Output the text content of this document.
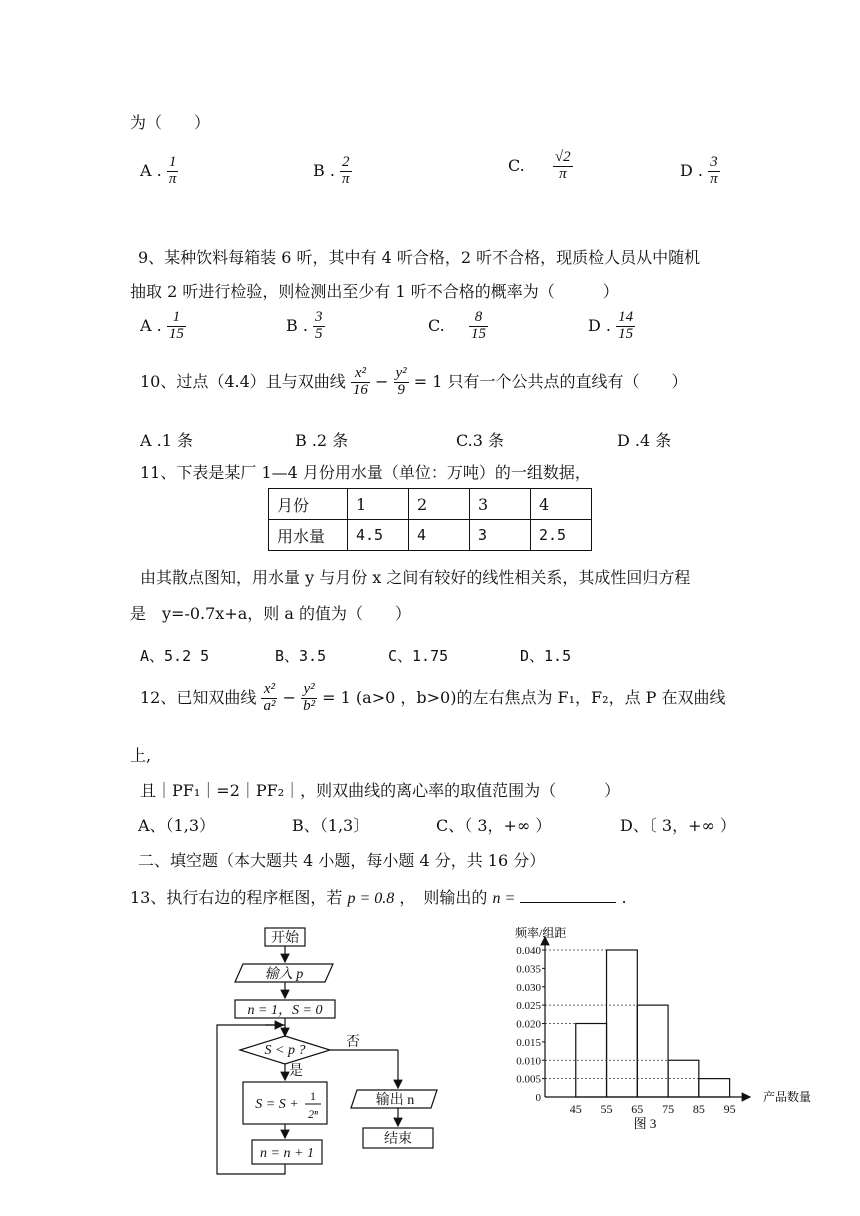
为（　　）
A . $\frac{1}{\pi}$	B . $\frac{2}{\pi}$	C. $\frac{√2}{\pi}$	D . $\frac{3}{\pi}$
9、某种饮料每箱装 6 听，其中有 4 听合格，2 听不合格，现质检人员从中随机
抽取 2 听进行检验，则检测出至少有 1 听不合格的概率为（　　　）
A . $\frac{1}{15}$	B . $\frac{3}{5}$	C. $\frac{8}{15}$	D . $\frac{14}{15}$
10、过点（4.4）且与双曲线 $\frac{\text{x²}}{16} - \frac{\text{y²}}{9} = 1$ 只有一个公共点的直线有（　　）
A .1 条	B .2 条	C.3 条	D .4 条
11、下表是某厂 1—4 月份用水量（单位：万吨）的一组数据，
月份	1	2	3	4
用水量	4.5	4	3	2.5
由其散点图知，用水量 y 与月份 x 之间有较好的线性相关系，其成性回归方程
是　y=-0.7x+a，则 a 的值为（　　）
A、5.2 5	B、3.5	C、1.75	D、1.5
12、已知双曲线 $\frac{\text{x²}}{\text{a²}} - \frac{\text{y²}}{\text{b²}} = 1$ (a>0 ，b>0)的左右焦点为 F₁，F₂，点 P 在双曲线
上,
且｜PF₁｜=2｜PF₂｜，则双曲线的离心率的取值范围为（　　　）
A、（1,3）	B、（1,3〕	C、（ 3，+∞ ）	D、〔 3，+∞ ）
二、填空题（本大题共 4 小题，每小题 4 分，共 16 分）
13、执行右边的程序框图，若 p = 0.8 ，　则输出的 n =	.
开始
输入 p
n = 1，S = 0
S < p ?
否
是
S = S +
1
2ⁿ
输出 n
结束
n = n + 1
频率/组距
产品数量
图 3
0
0.005
0.010
0.015
0.020
0.025
0.030
0.035
0.040
45 55 65 75 85 95
